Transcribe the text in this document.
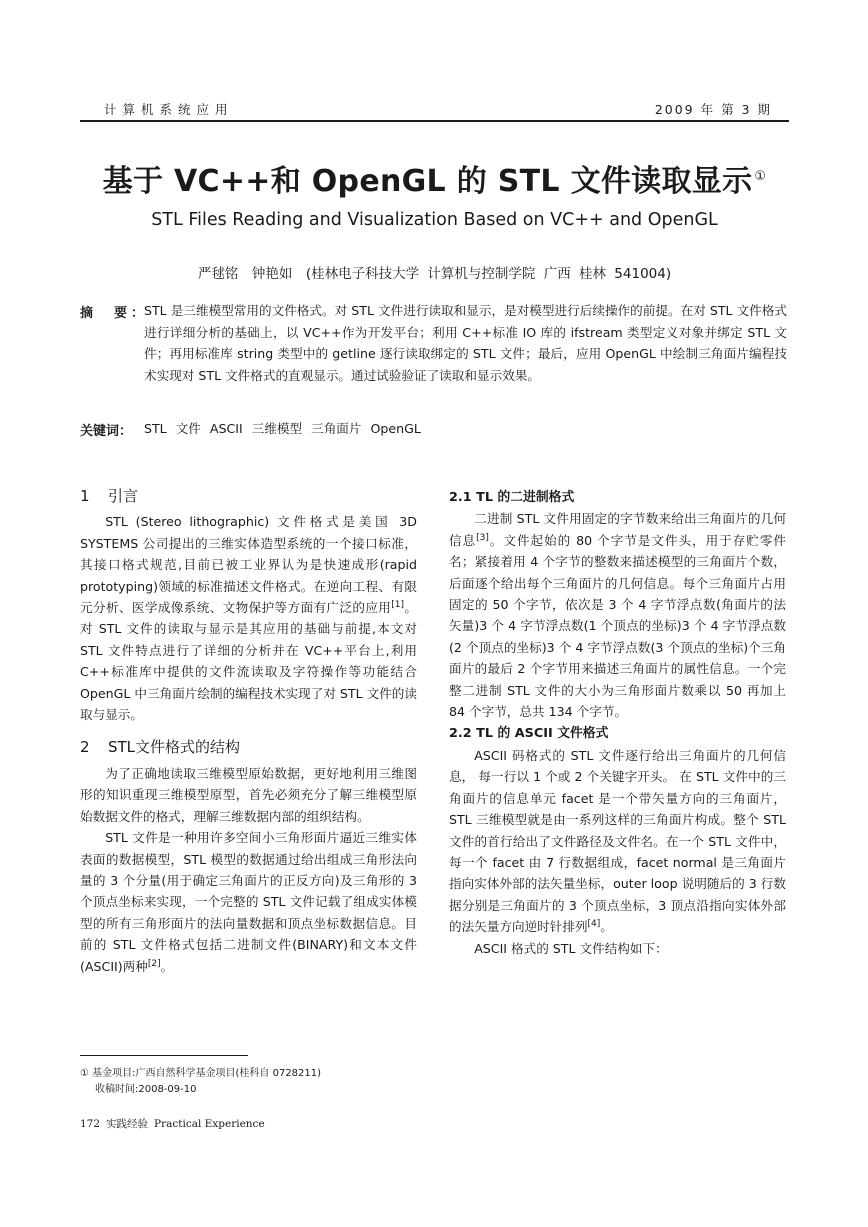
计算机系统应用	2009 年 第 3 期
基于 VC++和 OpenGL 的 STL 文件读取显示 ①
STL Files Reading and Visualization Based on VC++ and OpenGL
严毬铭　钟艳如　(桂林电子科技大学 计算机与控制学院 广西 桂林 541004)
摘　要：

STL 是三维模型常用的文件格式。对 STL 文件进行读取和显示，是对模型进行后续操作的前提。在对 STL 文件格式进行详细分析的基础上，以 VC++作为开发平台；利用 C++标准 IO 库的 ifstream 类型定义对象并绑定 STL 文件；再用标准库 string 类型中的 getline 逐行读取绑定的 STL 文件；最后，应用 OpenGL 中绘制三角面片编程技术实现对 STL 文件格式的直观显示。通过试验验证了读取和显示效果。

关键词： STL 文件 ASCII 三维模型 三角面片 OpenGL
1 引言

STL (Stereo lithographic) 文件格式是美国 3D SYSTEMS 公司提出的三维实体造型系统的一个接口标准，其接口格式规范,目前已被工业界认为是快速成形(rapid prototyping)领域的标准描述文件格式。在逆向工程、有限元分析、医学成像系统、文物保护等方面有广泛的应用[1]。对 STL 文件的读取与显示是其应用的基础与前提,本文对 STL 文件特点进行了详细的分析并在 VC++平台上,利用 C++标准库中提供的文件流读取及字符操作等功能结合 OpenGL 中三角面片绘制的编程技术实现了对 STL 文件的读取与显示。

2 STL文件格式的结构

为了正确地读取三维模型原始数据，更好地利用三维图形的知识重现三维模型原型，首先必须充分了解三维模型原始数据文件的格式，理解三维数据内部的组织结构。

STL 文件是一种用许多空间小三角形面片逼近三维实体表面的数据模型，STL 模型的数据通过给出组成三角形法向量的 3 个分量(用于确定三角面片的正反方向)及三角形的 3 个顶点坐标来实现，一个完整的 STL 文件记载了组成实体模型的所有三角形面片的法向量数据和顶点坐标数据信息。目前的 STL 文件格式包括二进制文件(BINARY)和文本文件(ASCII)两种[2]。

2.1 TL 的二进制格式

二进制 STL 文件用固定的字节数来给出三角面片的几何信息[3]。文件起始的 80 个字节是文件头，用于存贮零件名；紧接着用 4 个字节的整数来描述模型的三角面片个数，后面逐个给出每个三角面片的几何信息。每个三角面片占用固定的 50 个字节，依次是 3 个 4 字节浮点数(角面片的法矢量)3 个 4 字节浮点数(1 个顶点的坐标)3 个 4 字节浮点数(2 个顶点的坐标)3 个 4 字节浮点数(3 个顶点的坐标)个三角面片的最后 2 个字节用来描述三角面片的属性信息。一个完整二进制 STL 文件的大小为三角形面片数乘以 50 再加上 84 个字节，总共 134 个字节。

2.2 TL 的 ASCII 文件格式

ASCII 码格式的 STL 文件逐行给出三角面片的几何信息， 每一行以 1 个或 2 个关键字开头。 在 STL 文件中的三角面片的信息单元 facet 是一个带矢量方向的三角面片，STL 三维模型就是由一系列这样的三角面片构成。整个 STL 文件的首行给出了文件路径及文件名。在一个 STL 文件中，每一个 facet 由 7 行数据组成，facet normal 是三角面片指向实体外部的法矢量坐标，outer loop 说明随后的 3 行数据分别是三角面片的 3 个顶点坐标，3 顶点沿指向实体外部的法矢量方向逆时针排列[4]。

ASCII 格式的 STL 文件结构如下：

① 基金项目:广西自然科学基金项目(桂科自 0728211)
收稿时间:2008-09-10
172 实践经验 Practical Experience
